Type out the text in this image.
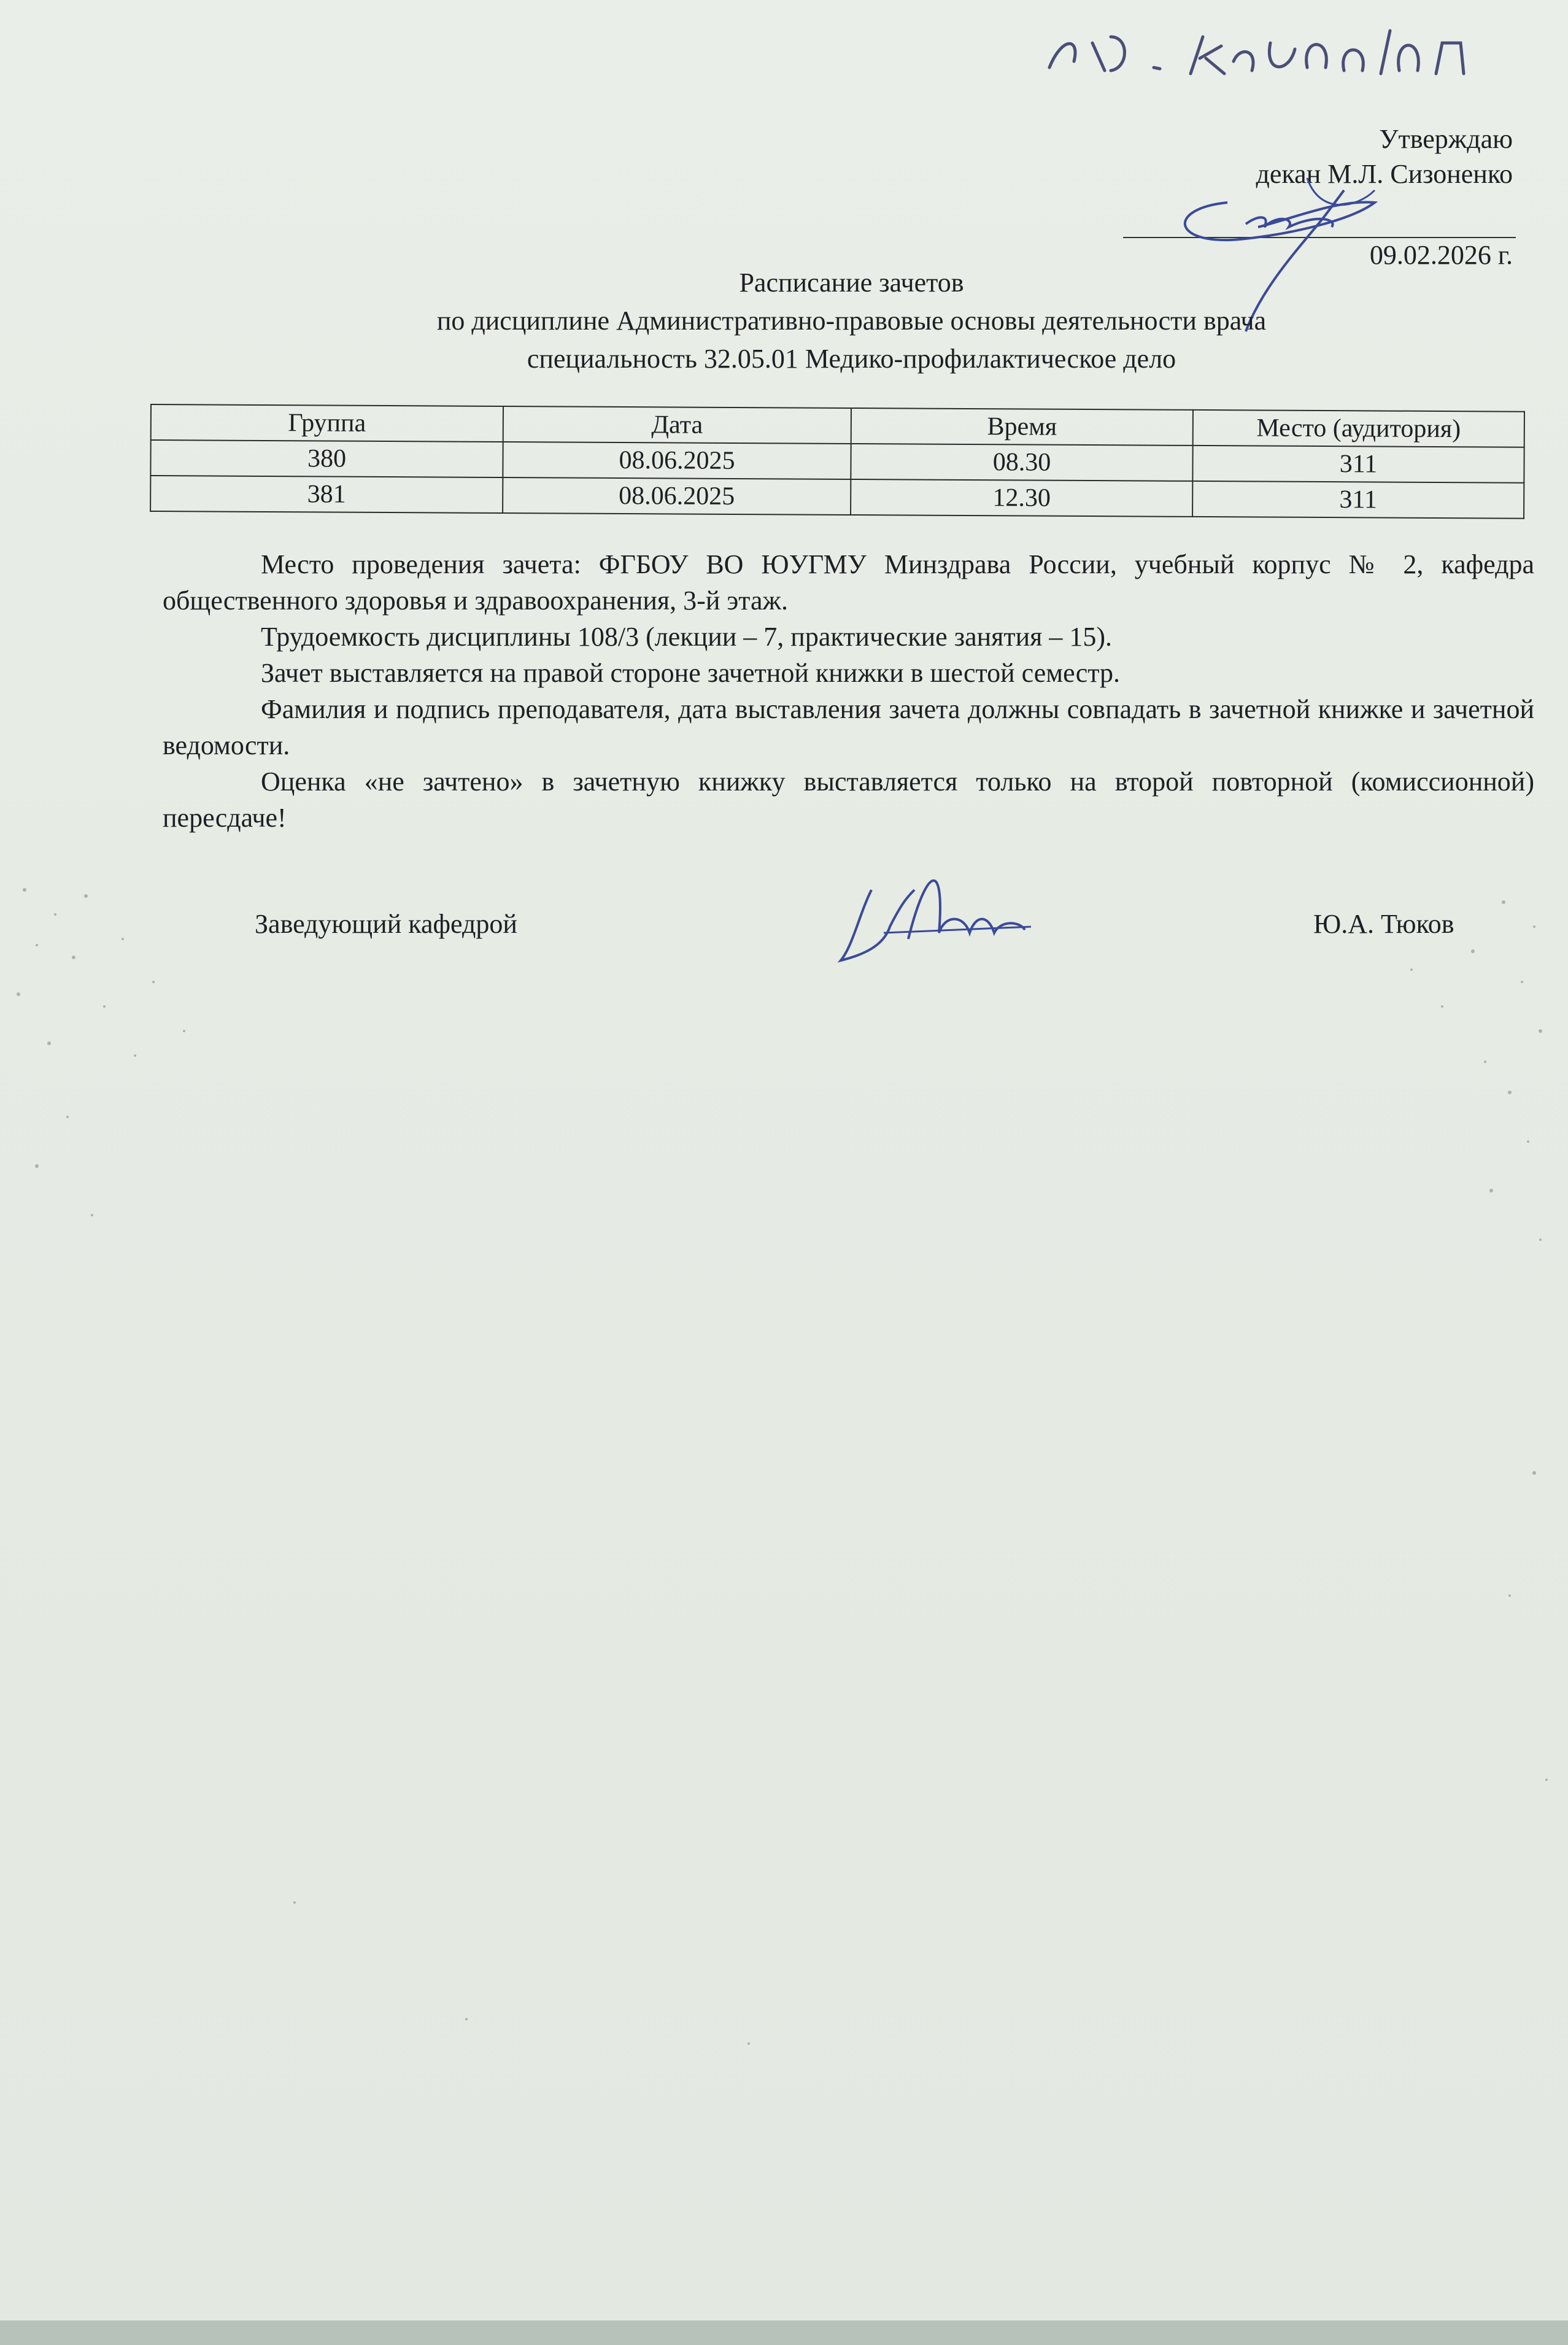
Утверждаю
декан М.Л. Сизоненко
09.02.2026 г.
Расписание зачетов
по дисциплине Административно-правовые основы деятельности врача
специальность 32.05.01 Медико-профилактическое дело
Группа	Дата	Время	Место (аудитория)
380	08.06.2025	08.30	311
381	08.06.2025	12.30	311

Место проведения зачета: ФГБОУ ВО ЮУГМУ Минздрава России, учебный корпус № 2, кафедра общественного здоровья и здравоохранения, 3-й этаж.

Трудоемкость дисциплины 108/3 (лекции – 7, практические занятия – 15).

Зачет выставляется на правой стороне зачетной книжки в шестой семестр.

Фамилия и подпись преподавателя, дата выставления зачета должны совпадать в зачетной книжке и зачетной ведомости.

Оценка «не зачтено» в зачетную книжку выставляется только на второй повторной (комиссионной) пересдаче!

Заведующий кафедрой	Ю.А. Тюков
